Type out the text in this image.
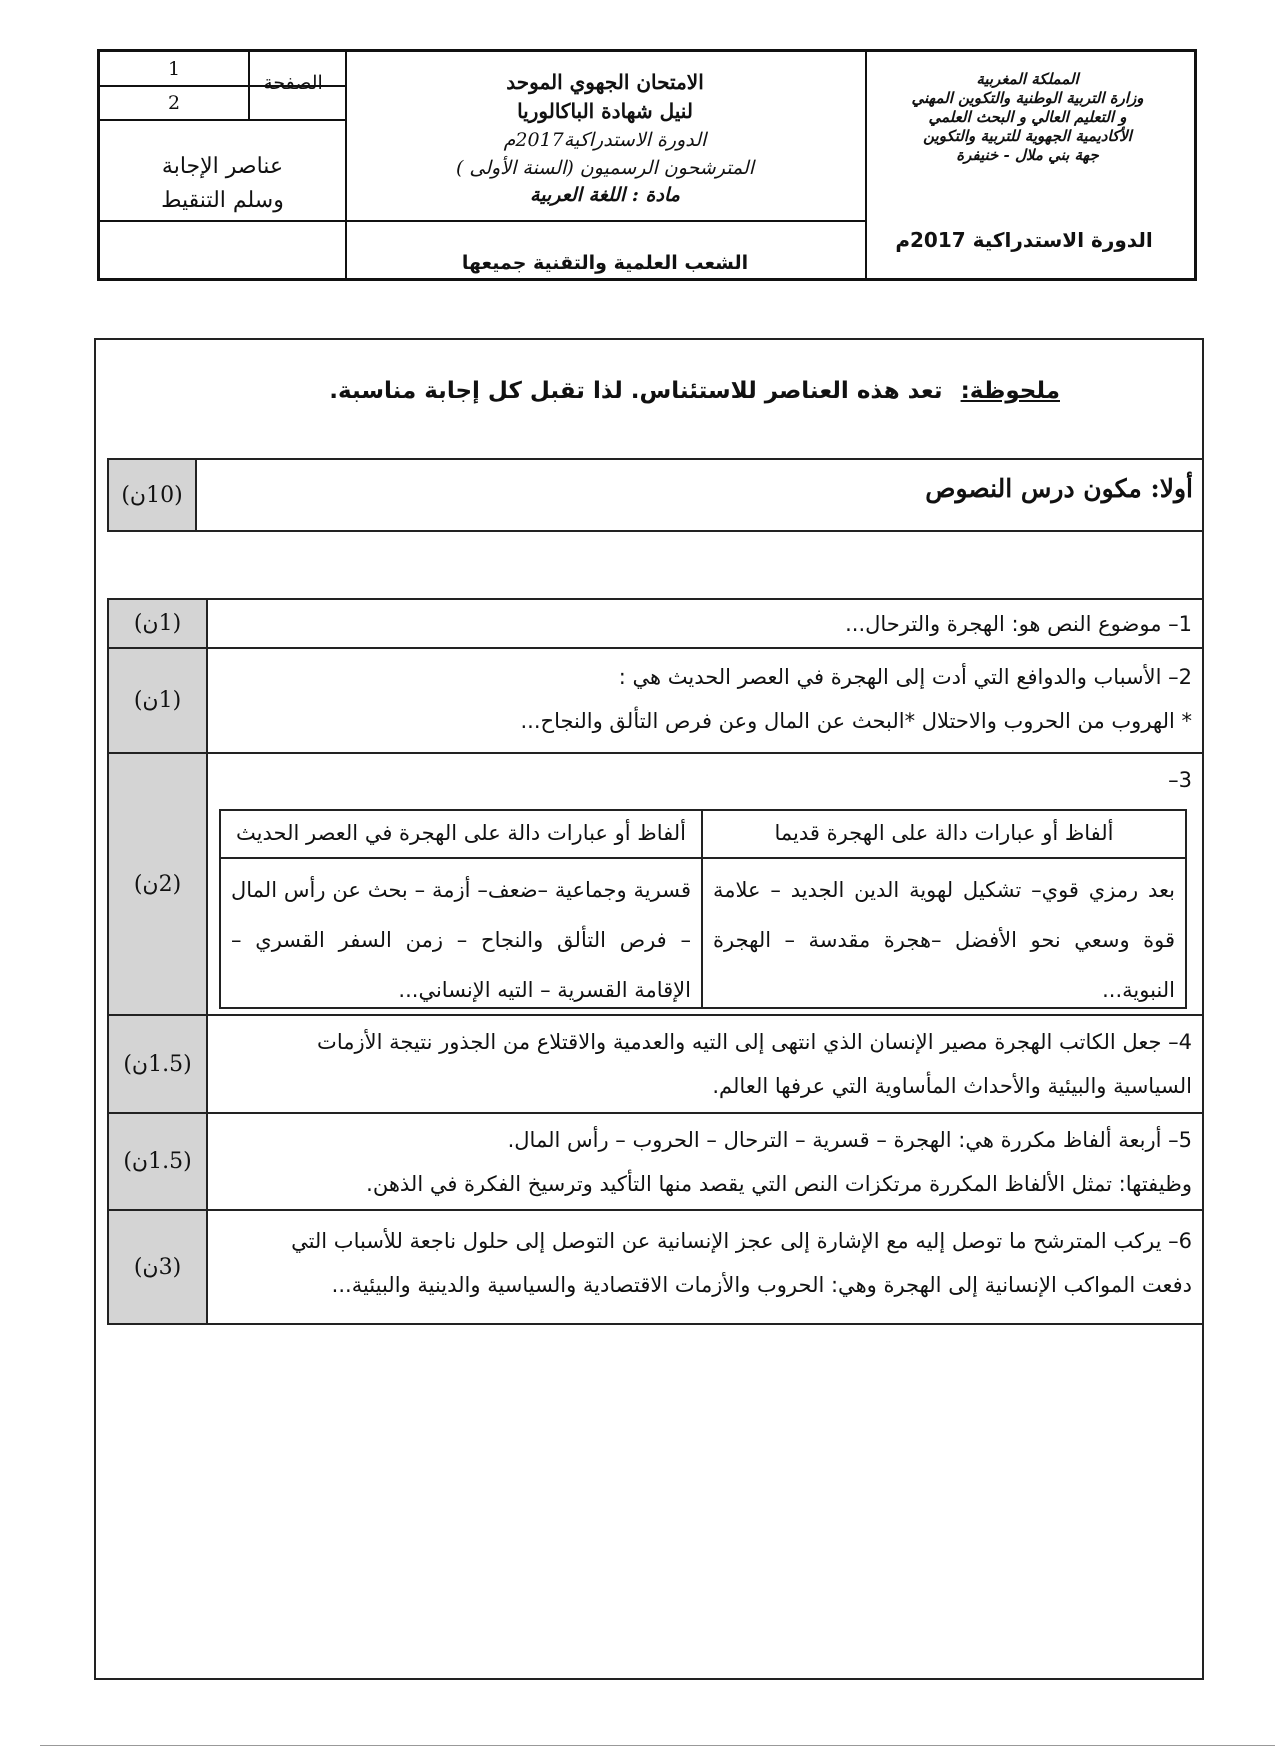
المملكة المغربية
وزارة التربية الوطنية والتكوين المهني
و التعليم العالي و البحث العلمي
الأكاديمية الجهوية للتربية والتكوين
جهة بني ملال - خنيفرة
الدورة الاستدراكية 2017م
الامتحان الجهوي الموحد
لنيل شهادة الباكالوريا
الدورة الاستدراكية2017م
المترشحون الرسميون (السنة الأولى )
مادة : اللغة العربية
الشعب العلمية والتقنية جميعها
الصفحة
1
2
عناصر الإجابة
وسلم التنقيط
ملحوظة:تعد هذه العناصر للاستئناس. لذا تقبل كل إجابة مناسبة.
(10ن)	أولا: مكون درس النصوص
(1ن)	1– موضوع النص هو: الهجرة والترحال...

(1ن)

2– الأسباب والدوافع التي أدت إلى الهجرة في العصر الحديث هي :

* الهروب من الحروب والاحتلال *البحث عن المال وعن فرص التألق والنجاح...

(2ن)

3–

ألفاظ أو عبارات دالة على الهجرة قديما
بعد رمزي قوي– تشكيل لهوية الدين الجديد – علامة قوة وسعي نحو الأفضل –هجرة مقدسة – الهجرة النبوية...
ألفاظ أو عبارات دالة على الهجرة في العصر الحديث
قسرية وجماعية –ضعف– أزمة – بحث عن رأس المال – فرص التألق والنجاح – زمن السفر القسري – الإقامة القسرية – التيه الإنساني...
(1.5ن)

4– جعل الكاتب الهجرة مصير الإنسان الذي انتهى إلى التيه والعدمية والاقتلاع من الجذور نتيجة الأزمات

السياسية والبيئية والأحداث المأساوية التي عرفها العالم.

(1.5ن)

5– أربعة ألفاظ مكررة هي: الهجرة – قسرية – الترحال – الحروب – رأس المال.

وظيفتها: تمثل الألفاظ المكررة مرتكزات النص التي يقصد منها التأكيد وترسيخ الفكرة في الذهن.

(3ن)

6– يركب المترشح ما توصل إليه مع الإشارة إلى عجز الإنسانية عن التوصل إلى حلول ناجعة للأسباب التي

دفعت المواكب الإنسانية إلى الهجرة وهي: الحروب والأزمات الاقتصادية والسياسية والدينية والبيئية...
